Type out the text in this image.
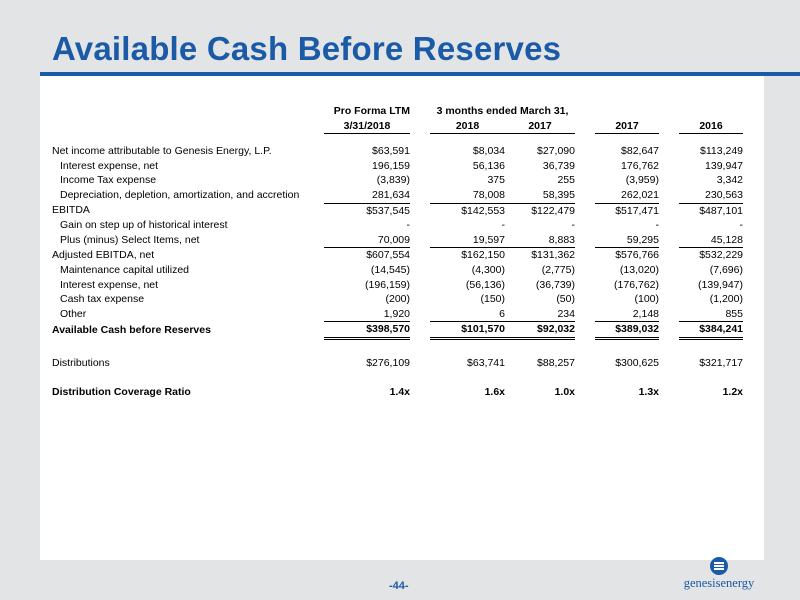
Available Cash Before Reserves
	Pro Forma LTM		3 months ended March 31,					
	3/31/2018		2018	2017		2017		2016

Net income attributable to Genesis Energy, L.P.	$63,591		$8,034	$27,090		$82,647		$113,249
Interest expense, net	196,159		56,136	36,739		176,762		139,947
Income Tax expense	(3,839)		375	255		(3,959)		3,342
Depreciation, depletion, amortization, and accretion	281,634		78,008	58,395		262,021		230,563
EBITDA	$537,545		$142,553	$122,479		$517,471		$487,101
Gain on step up of historical interest	-		-	-		-		-
Plus (minus) Select Items, net	70,009		19,597	8,883		59,295		45,128
Adjusted EBITDA, net	$607,554		$162,150	$131,362		$576,766		$532,229
Maintenance capital utilized	(14,545)		(4,300)	(2,775)		(13,020)		(7,696)
Interest expense, net	(196,159)		(56,136)	(36,739)		(176,762)		(139,947)
Cash tax expense	(200)		(150)	(50)		(100)		(1,200)
Other	1,920		6	234		2,148		855
Available Cash before Reserves	$398,570		$101,570	$92,032		$389,032		$384,241

Distributions	$276,109		$63,741	$88,257		$300,625		$321,717

Distribution Coverage Ratio	1.4x		1.6x	1.0x		1.3x		1.2x
-44-	genesisenergy
